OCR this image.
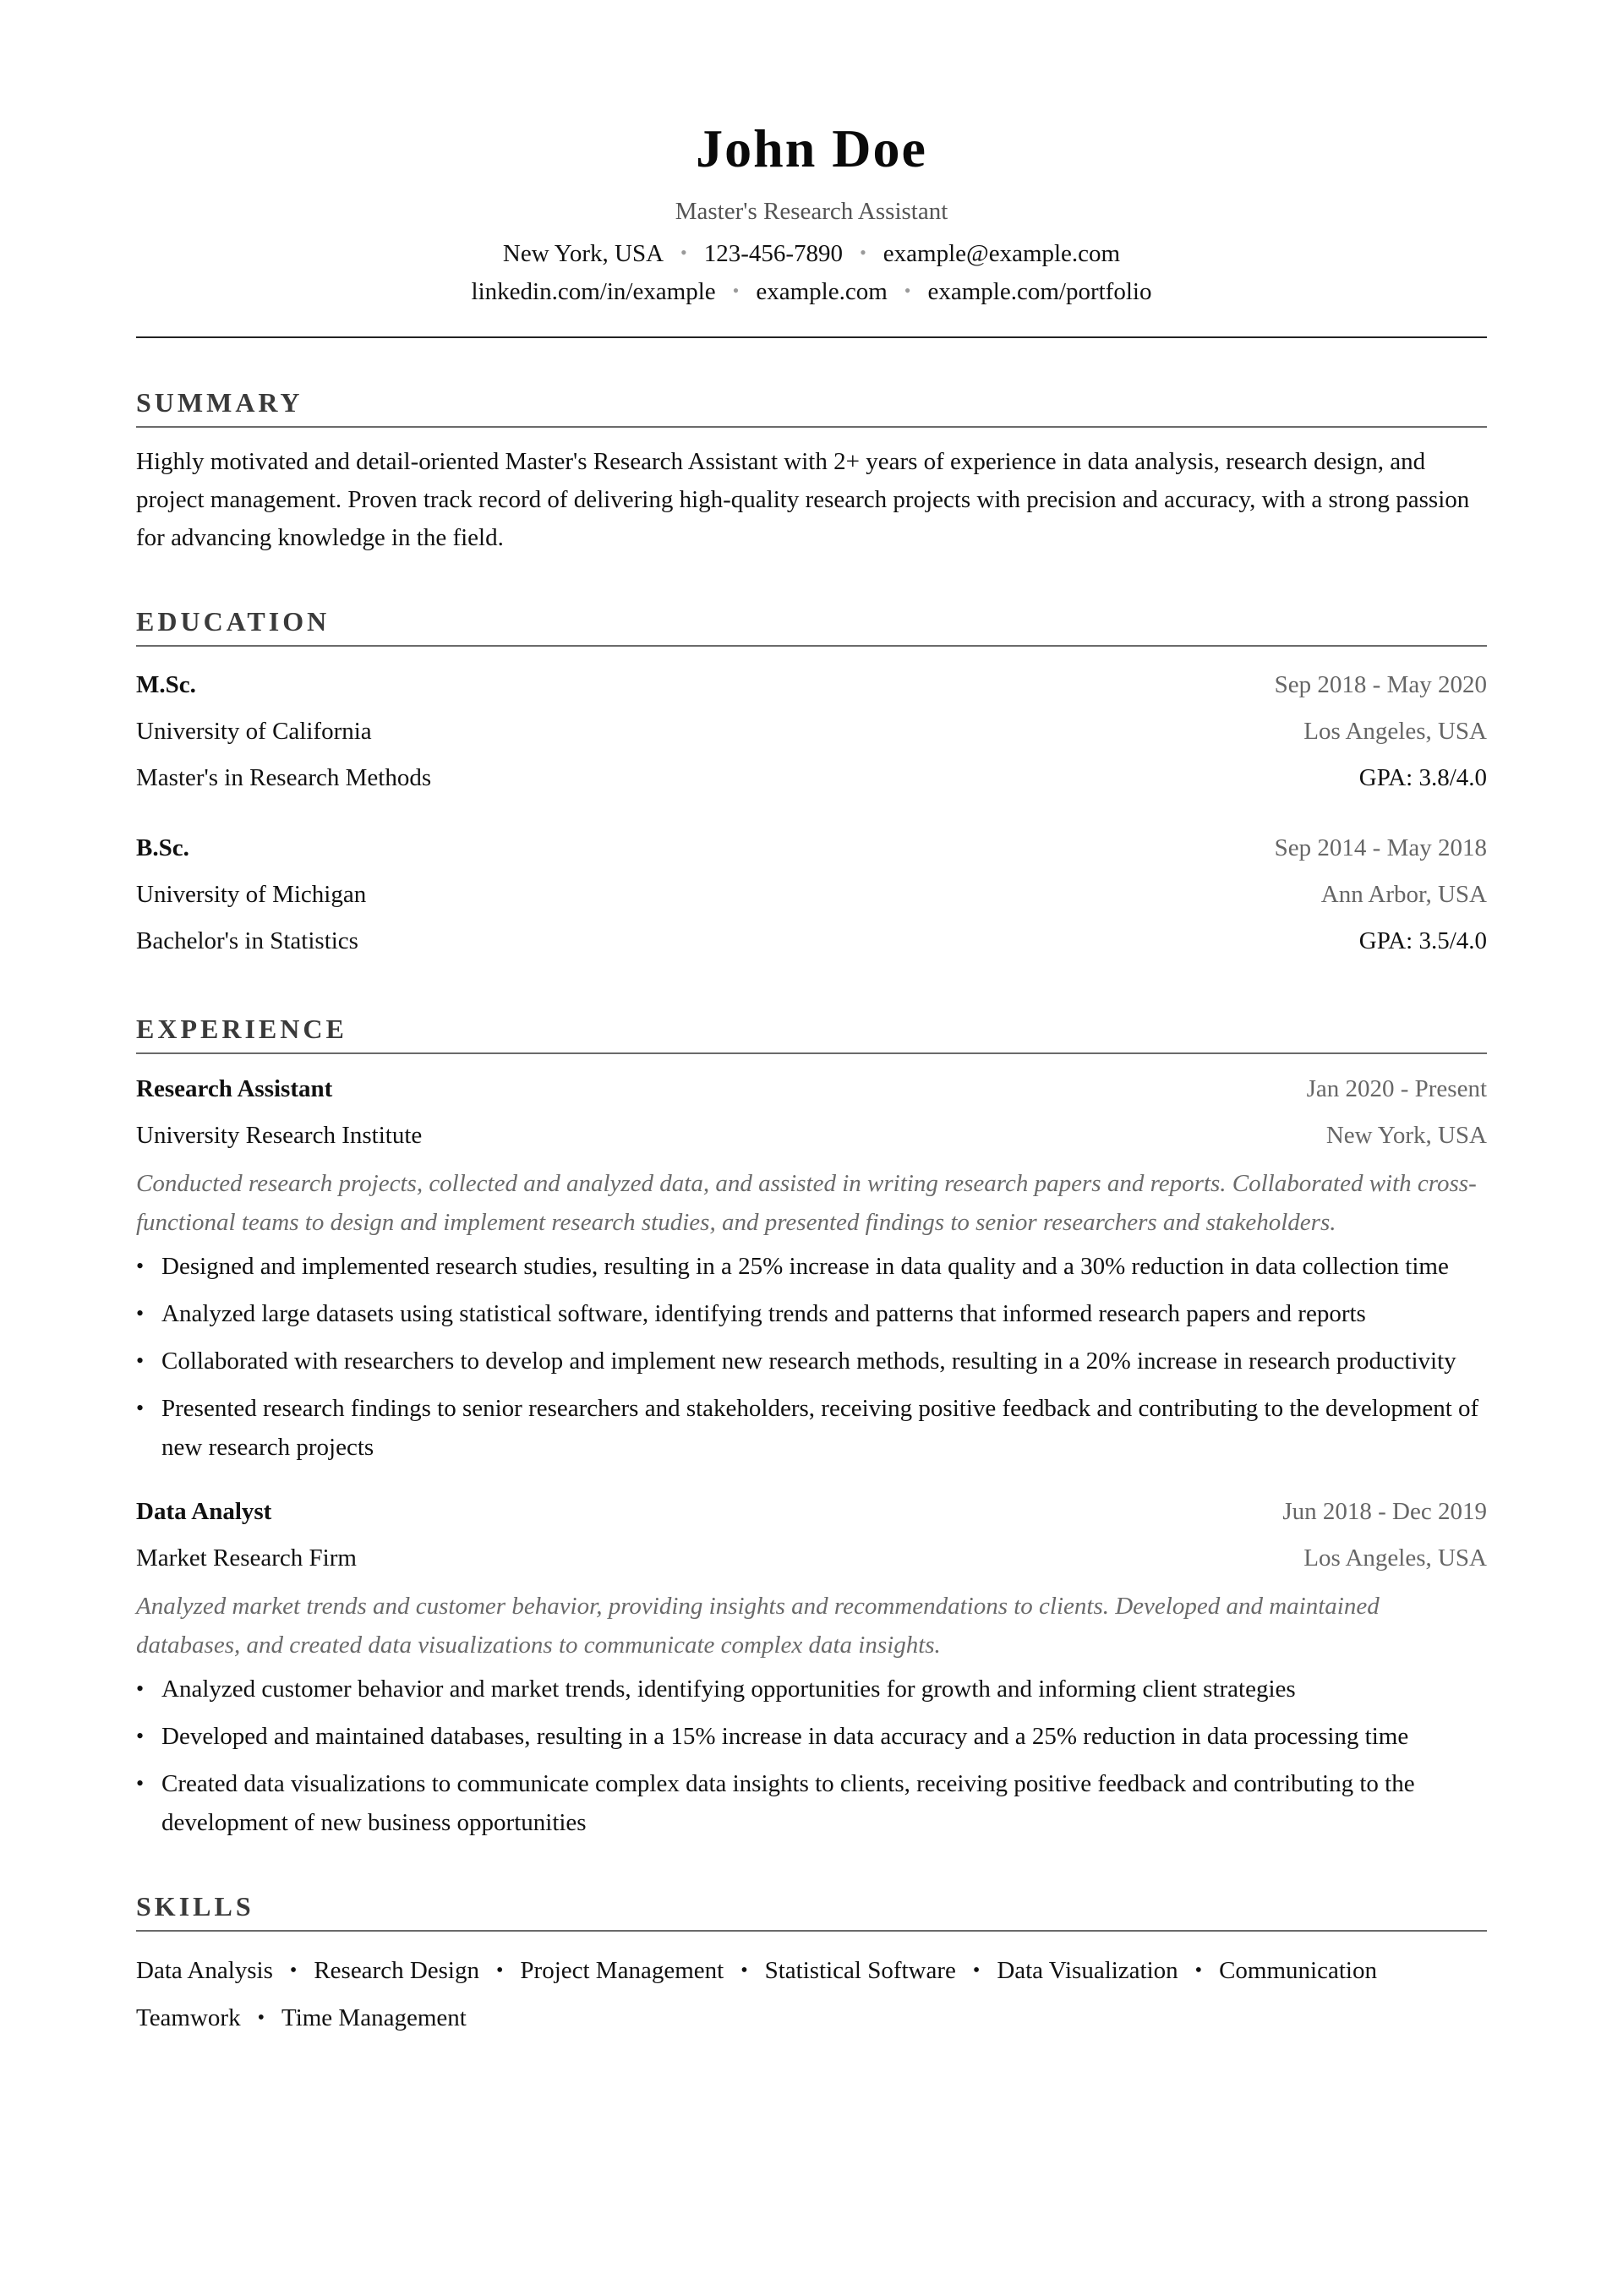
John Doe
Master's Research Assistant
New York, USA • 123-456-7890 • example@example.com
linkedin.com/in/example • example.com • example.com/portfolio
SUMMARY
Highly motivated and detail-oriented Master's Research Assistant with 2+ years of experience in data analysis, research design, and project management. Proven track record of delivering high-quality research projects with precision and accuracy, with a strong passion for advancing knowledge in the field.
EDUCATION
M.Sc.	Sep 2018 - May 2020
University of California	Los Angeles, USA
Master's in Research Methods	GPA: 3.8/4.0
B.Sc.	Sep 2014 - May 2018
University of Michigan	Ann Arbor, USA
Bachelor's in Statistics	GPA: 3.5/4.0
EXPERIENCE
Research Assistant	Jan 2020 - Present
University Research Institute	New York, USA
Conducted research projects, collected and analyzed data, and assisted in writing research papers and reports. Collaborated with cross-functional teams to design and implement research studies, and presented findings to senior researchers and stakeholders.
• Designed and implemented research studies, resulting in a 25% increase in data quality and a 30% reduction in data collection time
• Analyzed large datasets using statistical software, identifying trends and patterns that informed research papers and reports
• Collaborated with researchers to develop and implement new research methods, resulting in a 20% increase in research productivity
• Presented research findings to senior researchers and stakeholders, receiving positive feedback and contributing to the development of new research projects
Data Analyst	Jun 2018 - Dec 2019
Market Research Firm	Los Angeles, USA
Analyzed market trends and customer behavior, providing insights and recommendations to clients. Developed and maintained databases, and created data visualizations to communicate complex data insights.
• Analyzed customer behavior and market trends, identifying opportunities for growth and informing client strategies
• Developed and maintained databases, resulting in a 15% increase in data accuracy and a 25% reduction in data processing time
• Created data visualizations to communicate complex data insights to clients, receiving positive feedback and contributing to the development of new business opportunities
SKILLS
Data Analysis • Research Design • Project Management • Statistical Software • Data Visualization • Communication
Teamwork • Time Management
